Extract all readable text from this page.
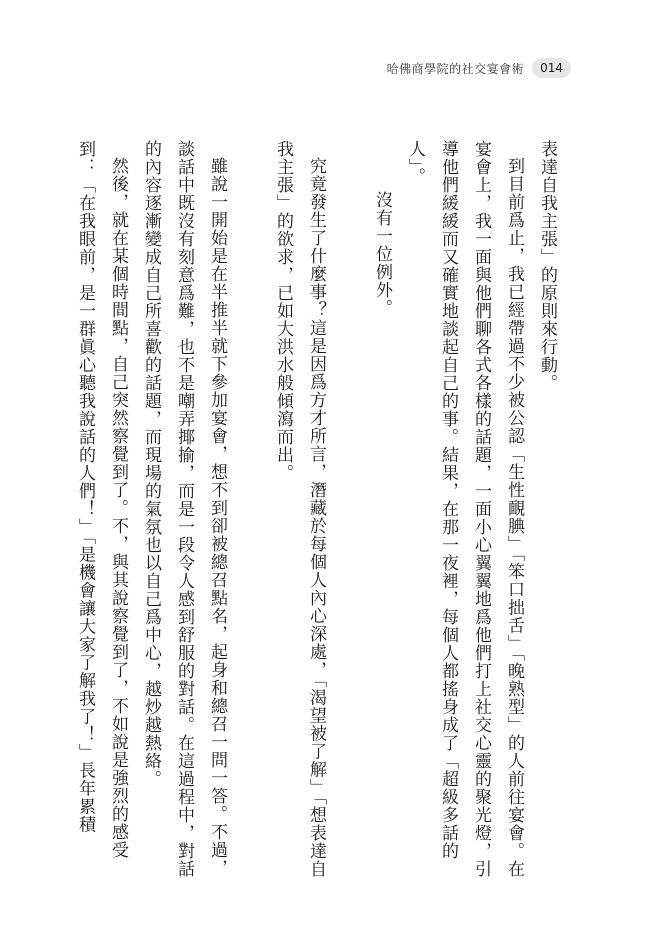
哈佛商學院的社交宴會術	014

表達自我主張」的原則來行動。

到目前爲止，我已經帶過不少被公認「生性靦腆」「笨口拙舌」「晚熟型」的人前往宴會。在宴會上，我一面與他們聊各式各樣的話題，一面小心翼翼地爲他們打上社交心靈的聚光燈，引導他們緩緩而又確實地談起自己的事。結果，在那一夜裡，每個人都搖身成了「超級多話的人」。

沒有一位例外。

究竟發生了什麼事？這是因爲方才所言，潛藏於每個人內心深處，「渴望被了解」「想表達自我主張」的欲求，已如大洪水般傾瀉而出。

雖說一開始是在半推半就下參加宴會，想不到卻被總召點名，起身和總召一問一答。不過，談話中既沒有刻意爲難，也不是嘲弄揶揄，而是一段令人感到舒服的對話。在這過程中，對話的內容逐漸變成自己所喜歡的話題，而現場的氣氛也以自己爲中心，越炒越熱絡。

然後，就在某個時間點，自己突然察覺到了。不，與其說察覺到了，不如說是強烈的感受到：「在我眼前，是一群眞心聽我說話的人們！」「是機會讓大家了解我了！」長年累積
